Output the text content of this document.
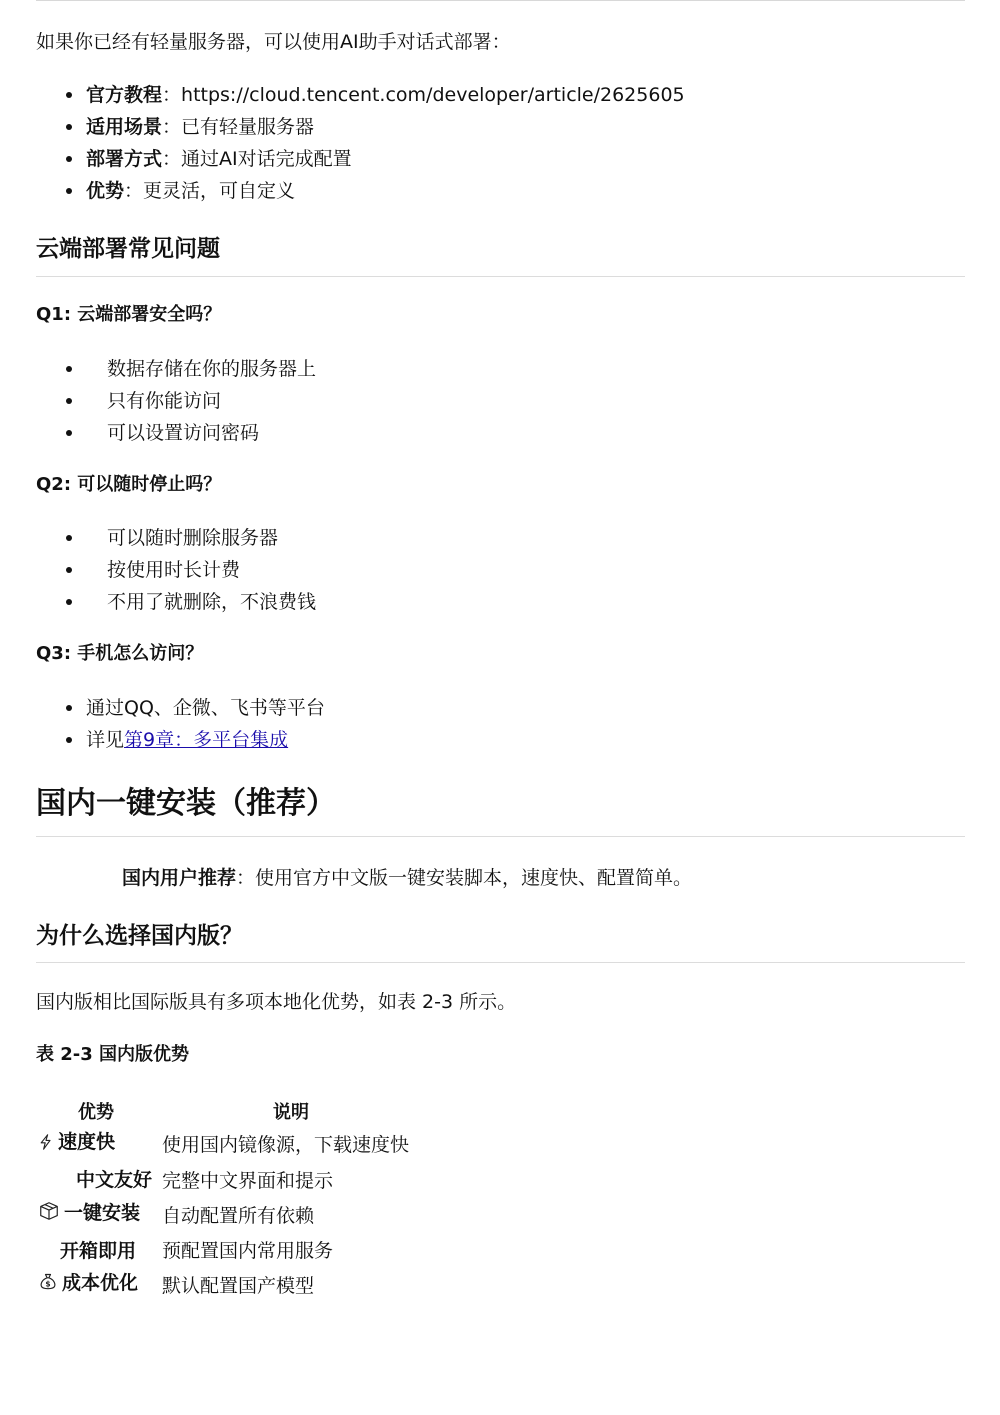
如果你已经有轻量服务器，可以使用AI助手对话式部署：
官方教程：https://cloud.tencent.com/developer/article/2625605
适用场景：已有轻量服务器
部署方式：通过AI对话完成配置
优势：更灵活，可自定义
云端部署常见问题
Q1: 云端部署安全吗？
数据存储在你的服务器上
只有你能访问
可以设置访问密码
Q2: 可以随时停止吗？
可以随时删除服务器
按使用时长计费
不用了就删除，不浪费钱
Q3: 手机怎么访问？
通过QQ、企微、飞书等平台
详见第9章：多平台集成
国内一键安装（推荐）
国内用户推荐：使用官方中文版一键安装脚本，速度快、配置简单。
为什么选择国内版？
国内版相比国际版具有多项本地化优势，如表 2-3 所示。
表 2-3 国内版优势
优势	说明
速度快 使用国内镜像源，下载速度快
中文友好 完整中文界面和提示
一键安装 自动配置所有依赖
开箱即用 预配置国内常用服务
$ 成本优化 默认配置国产模型
